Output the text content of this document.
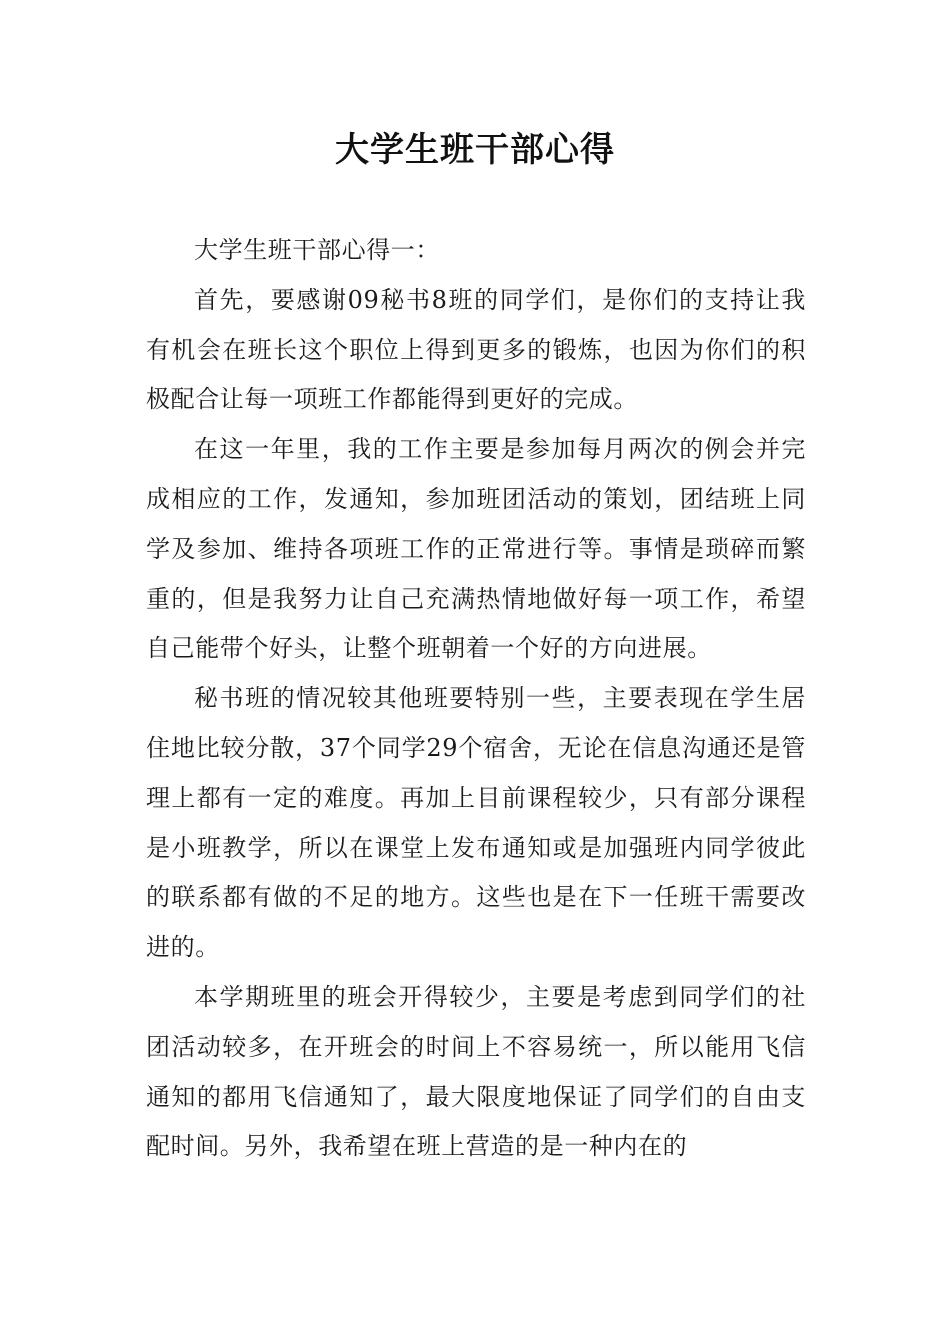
大学生班干部心得

大学生班干部心得一：

首先，要感谢09秘书8班的同学们，是你们的支持让我有机会在班长这个职位上得到更多的锻炼，也因为你们的积极配合让每一项班工作都能得到更好的完成。

在这一年里，我的工作主要是参加每月两次的例会并完成相应的工作，发通知，参加班团活动的策划，团结班上同学及参加、维持各项班工作的正常进行等。事情是琐碎而繁重的，但是我努力让自己充满热情地做好每一项工作，希望自己能带个好头，让整个班朝着一个好的方向进展。

秘书班的情况较其他班要特别一些，主要表现在学生居住地比较分散，37个同学29个宿舍，无论在信息沟通还是管理上都有一定的难度。再加上目前课程较少，只有部分课程是小班教学，所以在课堂上发布通知或是加强班内同学彼此的联系都有做的不足的地方。这些也是在下一任班干需要改进的。

本学期班里的班会开得较少，主要是考虑到同学们的社团活动较多，在开班会的时间上不容易统一，所以能用飞信通知的都用飞信通知了，最大限度地保证了同学们的自由支配时间。另外，我希望在班上营造的是一种内在的
